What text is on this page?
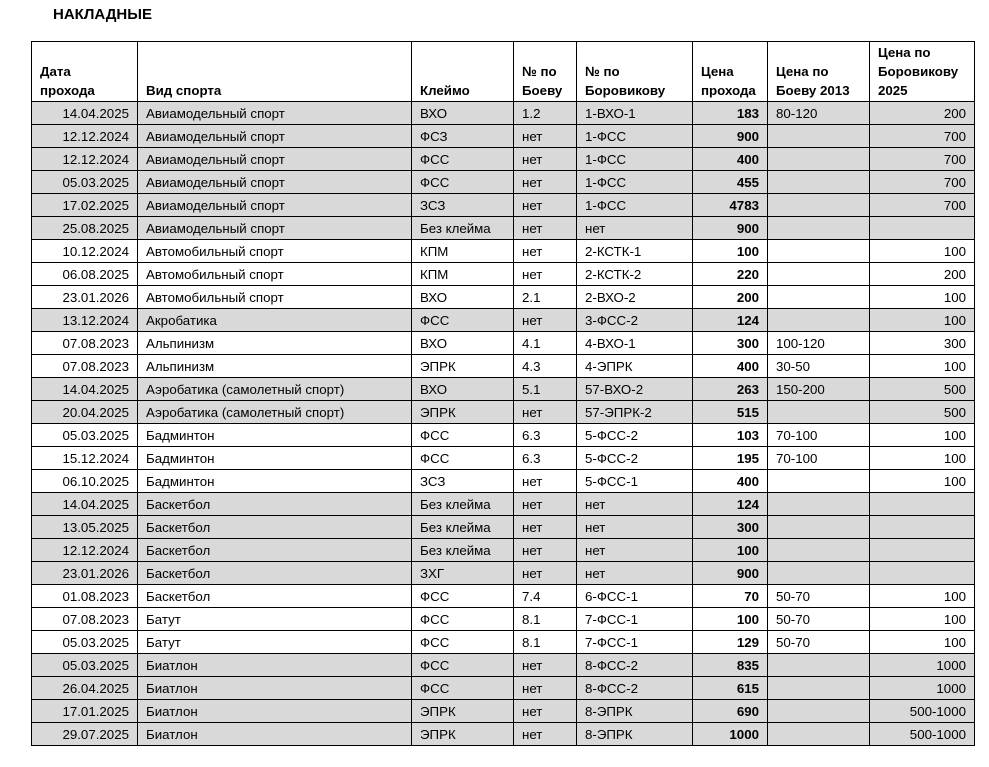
НАКЛАДНЫЕ
Дата прохода	Вид спорта	Клеймо	№ по Боеву	№ по Боровикову	Цена прохода	Цена по Боеву 2013	Цена по Боровикову 2025
14.04.2025	Авиамодельный спорт	ВХО	1.2	1-ВХО-1	183	80-120	200
12.12.2024	Авиамодельный спорт	ФСЗ	нет	1-ФСС	900		700
12.12.2024	Авиамодельный спорт	ФСС	нет	1-ФСС	400		700
05.03.2025	Авиамодельный спорт	ФСС	нет	1-ФСС	455		700
17.02.2025	Авиамодельный спорт	ЗСЗ	нет	1-ФСС	4783		700
25.08.2025	Авиамодельный спорт	Без клейма	нет	нет	900		
10.12.2024	Автомобильный спорт	КПМ	нет	2-КСТК-1	100		100
06.08.2025	Автомобильный спорт	КПМ	нет	2-КСТК-2	220		200
23.01.2026	Автомобильный спорт	ВХО	2.1	2-ВХО-2	200		100
13.12.2024	Акробатика	ФСС	нет	3-ФСС-2	124		100
07.08.2023	Альпинизм	ВХО	4.1	4-ВХО-1	300	100-120	300
07.08.2023	Альпинизм	ЭПРК	4.3	4-ЭПРК	400	30-50	100
14.04.2025	Аэробатика (самолетный спорт)	ВХО	5.1	57-ВХО-2	263	150-200	500
20.04.2025	Аэробатика (самолетный спорт)	ЭПРК	нет	57-ЭПРК-2	515		500
05.03.2025	Бадминтон	ФСС	6.3	5-ФСС-2	103	70-100	100
15.12.2024	Бадминтон	ФСС	6.3	5-ФСС-2	195	70-100	100
06.10.2025	Бадминтон	ЗСЗ	нет	5-ФСС-1	400		100
14.04.2025	Баскетбол	Без клейма	нет	нет	124		
13.05.2025	Баскетбол	Без клейма	нет	нет	300		
12.12.2024	Баскетбол	Без клейма	нет	нет	100		
23.01.2026	Баскетбол	ЗХГ	нет	нет	900		
01.08.2023	Баскетбол	ФСС	7.4	6-ФСС-1	70	50-70	100
07.08.2023	Батут	ФСС	8.1	7-ФСС-1	100	50-70	100
05.03.2025	Батут	ФСС	8.1	7-ФСС-1	129	50-70	100
05.03.2025	Биатлон	ФСС	нет	8-ФСС-2	835		1000
26.04.2025	Биатлон	ФСС	нет	8-ФСС-2	615		1000
17.01.2025	Биатлон	ЭПРК	нет	8-ЭПРК	690		500-1000
29.07.2025	Биатлон	ЭПРК	нет	8-ЭПРК	1000		500-1000
